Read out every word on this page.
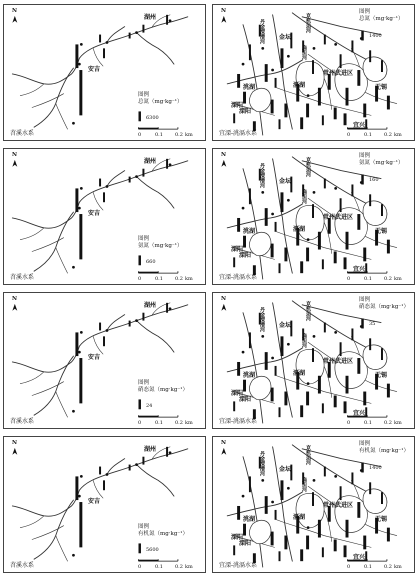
N
苕溪水系
图例
总氮（mg·kg⁻¹）
6300
0	0.1 0.2 km
湖州
安吉
N
宜溧-洮滆水系
图例
总氮（mg·kg⁻¹）
1400
0	0.1 0.2 km
金坛
溧阳
洮湖	滆湖
常州武进区
无锡
宜兴
京杭运河
扁担河
丹金溧漕河
溧阳
N
苕溪水系
图例
氨氮（mg·kg⁻¹）
660
0	0.1 0.2 km
湖州
安吉
N
宜溧-洮滆水系
图例
氨氮（mg·kg⁻¹）
160
0	0.1 0.2 km
金坛
溧阳
洮湖	滆湖
常州武进区
无锡
宜兴
京杭运河
扁担河
丹金溧漕河
溧阳
N
苕溪水系
图例
硝态氮（mg·kg⁻¹）
24
0	0.1 0.2 km
湖州
安吉
N
宜溧-洮滆水系
图例
硝态氮（mg·kg⁻¹）
35
0	0.1 0.2 km
金坛
溧阳
洮湖	滆湖
常州武进区
无锡
宜兴
京杭运河
扁担河
丹金溧漕河
溧阳
N
苕溪水系
图例
有机氮（mg·kg⁻¹）
5600
0	0.1 0.2 km
湖州
安吉
N
宜溧-洮滆水系
图例
有机氮（mg·kg⁻¹）
1400
0	0.1 0.2 km
金坛
溧阳
洮湖	滆湖
常州武进区
无锡
宜兴
京杭运河
扁担河
丹金溧漕河
溧阳
